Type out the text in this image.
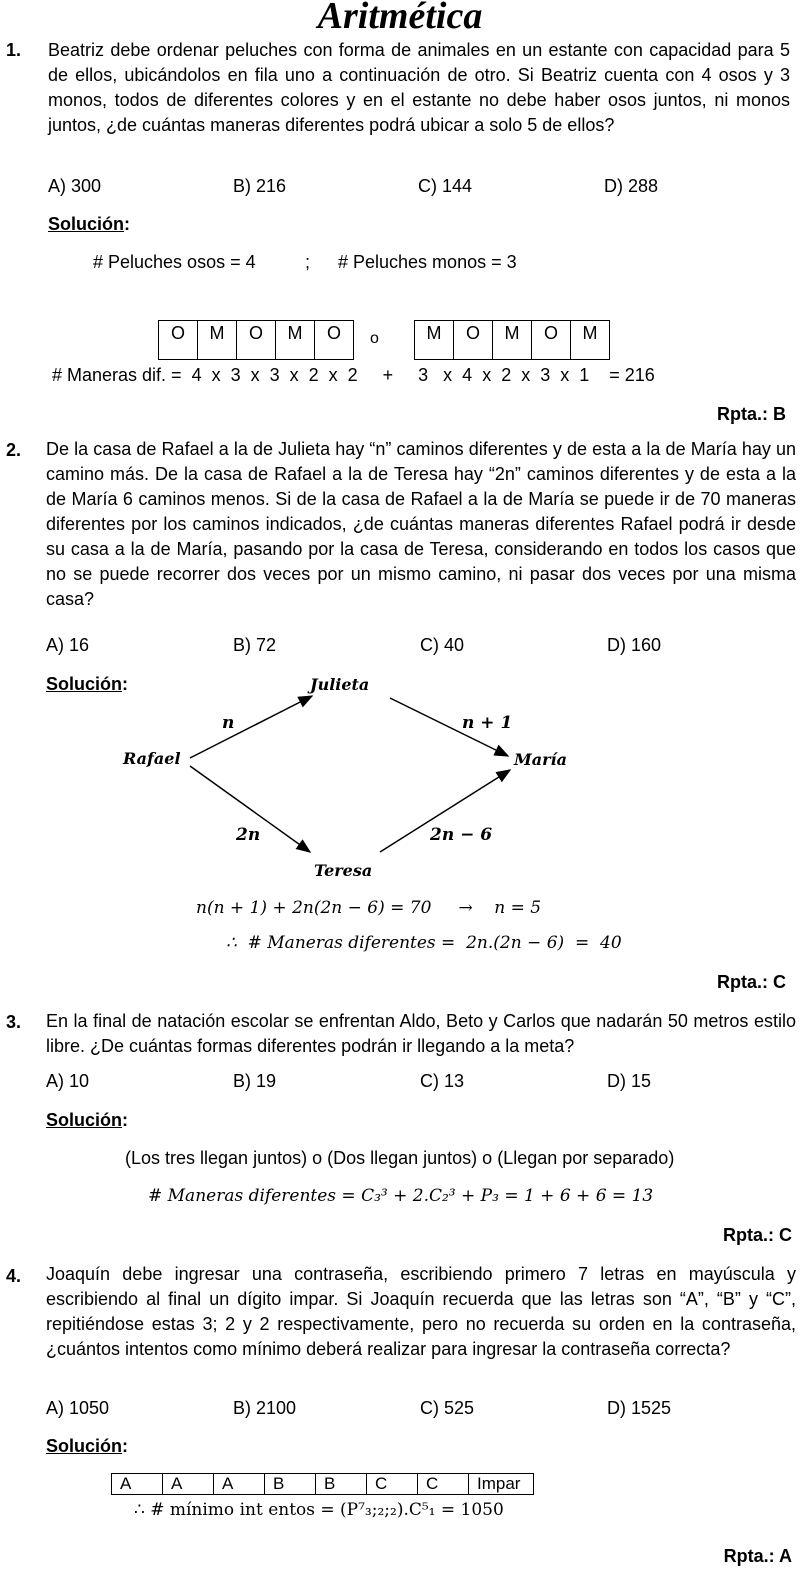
Aritmética
1. Beatriz debe ordenar peluches con forma de animales en un estante con capacidad para 5 de ellos, ubicándolos en fila uno a continuación de otro. Si Beatriz cuenta con 4 osos y 3 monos, todos de diferentes colores y en el estante no debe haber osos juntos, ni monos juntos, ¿de cuántas maneras diferentes podrá ubicar a solo 5 de ellos?
A) 300	B) 216	C) 144	D) 288
Solución:
# Peluches osos = 4	; # Peluches monos = 3
O	M	O	M	O o	M	O	M	O	M
# Maneras dif. =  4  x  3  x  3  x  2  x  2     +     3   x  4  x  2  x  3  x  1    = 216
Rpta.: B
2. De la casa de Rafael a la de Julieta hay “n” caminos diferentes y de esta a la de María hay un camino más. De la casa de Rafael a la de Teresa hay “2n” caminos diferentes y de esta a la de María 6 caminos menos. Si de la casa de Rafael a la de María se puede ir de 70 maneras diferentes por los caminos indicados, ¿de cuántas maneras diferentes Rafael podrá ir desde su casa a la de María, pasando por la casa de Teresa, considerando en todos los casos que no se puede recorrer dos veces por un mismo camino, ni pasar dos veces por una misma casa?
A) 16	B) 72	C) 40	D) 160
Solución:	Julieta
Rafael	María
Teresa
n	n + 1
2n	2n − 6
n(n + 1) + 2n(2n − 6) = 70     →    n = 5
∴  # Maneras diferentes =  2n.(2n − 6)  =  40
Rpta.: C
3. En la final de natación escolar se enfrentan Aldo, Beto y Carlos que nadarán 50 metros estilo libre. ¿De cuántas formas diferentes podrán ir llegando a la meta?
A) 10	B) 19	C) 13	D) 15
Solución:
(Los tres llegan juntos) o (Dos llegan juntos) o (Llegan por separado)
# Maneras diferentes = C₃³ + 2.C₂³ + P₃ = 1 + 6 + 6 = 13
Rpta.: C
4. Joaquín debe ingresar una contraseña, escribiendo primero 7 letras en mayúscula y escribiendo al final un dígito impar. Si Joaquín recuerda que las letras son “A”, “B” y “C”, repitiéndose estas 3; 2 y 2 respectivamente, pero no recuerda su orden en la contraseña, ¿cuántos intentos como mínimo deberá realizar para ingresar la contraseña correcta?
A) 1050	B) 2100	C) 525	D) 1525
Solución:
A	A	A	B	B	C	C	Impar
∴ # mínimo int entos = (P⁷₃;₂;₂).C⁵₁ = 1050
Rpta.: A
